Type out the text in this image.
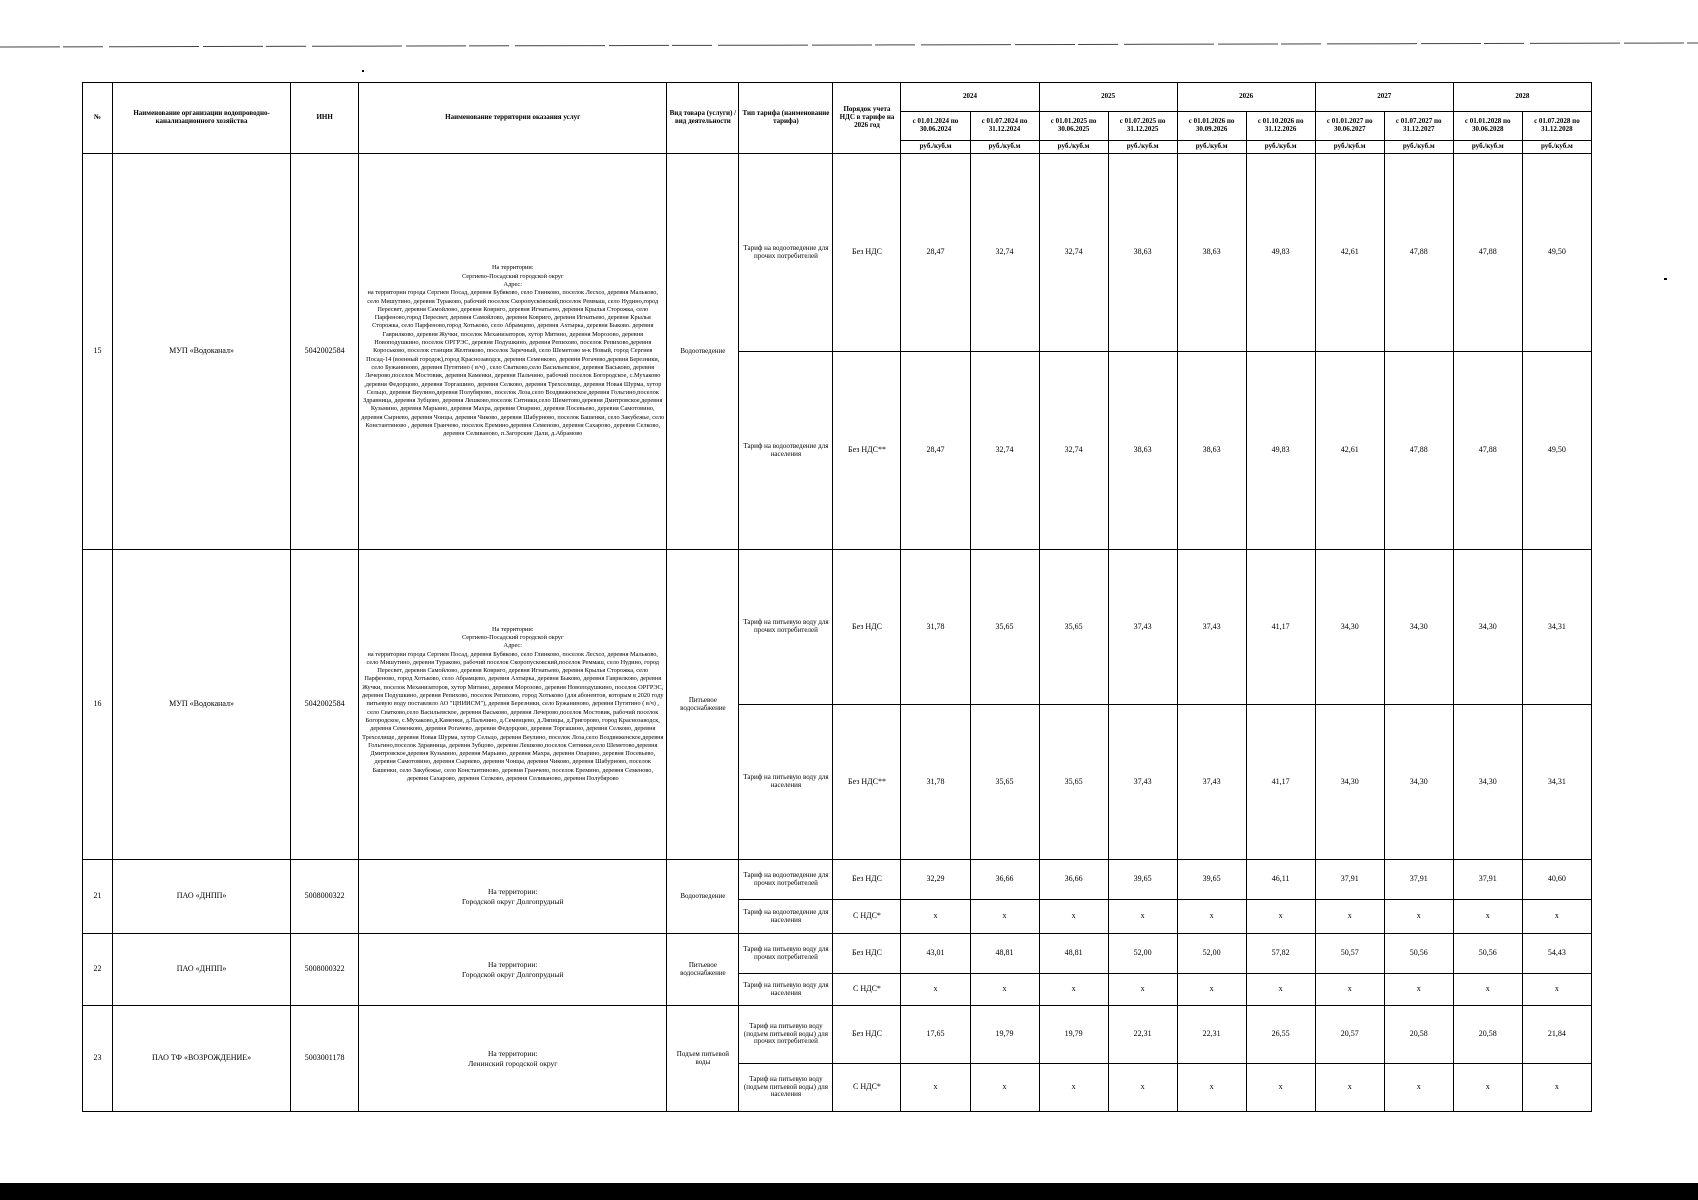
№	Наименование организации водопроводно-канализационного хозяйства	ИНН	Наименование территории оказания услуг	Вид товара (услуги) / вид деятельности	Тип тарифа (наименование тарифа)	Порядок учета НДС в тарифе на 2026 год	2024		2025		2026		2027		2028	
							с 01.01.2024 по 30.06.2024	с 01.07.2024 по 31.12.2024	с 01.01.2025 по 30.06.2025	с 01.07.2025 по 31.12.2025	с 01.01.2026 по 30.09.2026	с 01.10.2026 по 31.12.2026	с 01.01.2027 по 30.06.2027	с 01.07.2027 по 31.12.2027	с 01.01.2028 по 30.06.2028	с 01.07.2028 по 31.12.2028
							руб./куб.м	руб./куб.м	руб./куб.м	руб./куб.м	руб./куб.м	руб./куб.м	руб./куб.м	руб./куб.м	руб./куб.м	руб./куб.м
15	МУП «Водоканал»	5042002584	На территории:
Сергиево-Посадский городской округ
Адрес:
на территории города Сергиев Посад, деревня Бубяково, село Глинково, поселок Лесхоз, деревня Мальково, село Мишутино, деревня Тураково, рабочий поселок Скоропусковский,поселок Реммаш, село Нудино,город Пересвет, деревня Самойлово, деревня Ковриго, деревня Игнатьево, деревня Крылья Сторожка, село Парфеново,город Пересвет, деревня Самойлово, деревня Ковриго, деревня Игнатьево, деревня Крылья Сторожка, село Парфеново,город Хотьково, село Абрамцево, деревня Ахтырка, деревня Быково. деревня Гаврилково, деревня Жучки, поселок Механизаторов, хутор Митино, деревня Морозово, деревня Новоподушкино, поселок ОРГРЭС, деревня Подушкино, деревня Репихово, поселок Репихово,деревня Короськово, поселок станции Желтиково, поселок Заречный, село Шеметово м-к Новый, город Сергиев Посад-14 (военный городок),город Краснозаводск, деревня Семенково, деревня Рогачево,деревня Березники, село Бужаниново, деревня Путятино ( в/ч) , село Сватково,село Васильевское, деревня Васьково, деревня Лечерово,поселок Мостовик, деревня Каменки, деревня Пальчино, рабочий поселок Богородское, с.Мухаково ,деревня Федорцово, деревня Торгашино, деревня Селково, деревня Трехселище, деревня Новая Шурма, хутор Сельцо, деревня Веулино,деревня Полубярово, поселок Лоза,село Воздвиженское,деревня Гольгино,поселок Здравница, деревня Зубцово, деревня Лешково,поселок Ситники,село Шеметово,деревня Дмитровское,деревня Кузьмино, деревня Марьино, деревня Махра, деревня Опарино, деревня Посевьево, деревня Самотовино, деревня Сырнево, деревня Чонцы, деревня Чиково, деревня Шабурново, поселок Башенки, село Закубежье, село Константиново , деревня Гранчево, поселок Еремино,деревня Семеново, деревня Сахарово, деревня Селково, деревня Селиваново, п.Загорские Дали, д.Абрамово	Водоотведение	Тариф на водоотведение для прочих потребителей	Без НДС	28,47	32,74	32,74	38,63	38,63	49,83	42,61	47,88	47,88	49,50
					Тариф на водоотведение для населения	Без НДС**	28,47	32,74	32,74	38,63	38,63	49,83	42,61	47,88	47,88	49,50
16	МУП «Водоканал»	5042002584	На территории:
Сергиево-Посадский городской округ
Адрес:
на территории города Сергиев Посад, деревня Бубяково, село Глинково, поселок Лесхоз, деревня Мальково, село Мишутино, деревня Тураково, рабочий поселок Скоропусковский,поселок Реммаш, село Нудино, город Пересвет, деревня Самойлово, деревня Ковриго, деревня Игнатьево, деревня Крылья Сторожка, село Парфеново, город Хотьково, село Абрамцево, деревня Ахтырка, деревня Быково, деревня Гаврилково, деревня Жучки, поселок Механизаторов, хутор Митино, деревня Морозово, деревня Новоподушкино, поселок ОРГРЭС, деревня Подушкино, деревня Репихово, поселок Репихово, город Хотьково (для абонентов, которым в 2020 году питьевую воду поставляло АО "ЦНИИСМ"), деревня Березники, село Бужаниново, деревня Путятино ( в/ч) , село Сватково,село Васильевское, деревня Васьково, деревня Лечерово,поселок Мостовик, рабочий поселок Богородское, с.Мухаково,д.Каменки, д.Пальчино, д.Семенцево, д.Ляпицы, д.Григорово, город Краснозаводск, деревня Семенково, деревня Рогачево, деревня Федорцово, деревня Торгашино, деревня Селково, деревня Трехселище, деревня Новая Шурма, хутор Сельцо, деревня Веулино, поселок Лоза,село Воздвиженское,деревня Гольгино,поселок Здравница, деревня Зубцово, деревня Лешково,поселок Ситники,село Шеметово,деревня Дмитровское,деревня Кузьмино, деревня Марьино, деревня Махра, деревня Опарино, деревня Посевьево, деревня Самотовино, деревня Сырнево, деревня Чонцы, деревня Чиково, деревня Шабурново, поселок Башенки, село Закубежье, село Константиново, деревня Гранчево, поселок Еремино, деревня Семеново, деревня Сахарово, деревня Селково, деревня Селиваново, деревня Полубярово	Питьевое водоснабжение	Тариф на питьевую воду для прочих потребителей	Без НДС	31,78	35,65	35,65	37,43	37,43	41,17	34,30	34,30	34,30	34,31
					Тариф на питьевую воду для населения	Без НДС**	31,78	35,65	35,65	37,43	37,43	41,17	34,30	34,30	34,30	34,31
21	ПАО «ДНПП»	5008000322	На территории:
Городской округ Долгопрудный	Водоотведение	Тариф на водоотведение для прочих потребителей	Без НДС	32,29	36,66	36,66	39,65	39,65	46,11	37,91	37,91	37,91	40,60
					Тариф на водоотведение для населения	С НДС*	x	x	x	x	x	x	x	x	x	x
22	ПАО «ДНПП»	5008000322	На территории:
Городской округ Долгопрудный	Питьевое водоснабжение	Тариф на питьевую воду для прочих потребителей	Без НДС	43,01	48,81	48,81	52,00	52,00	57,82	50,57	50,56	50,56	54,43
					Тариф на питьевую воду для населения	С НДС*	x	x	x	x	x	x	x	x	x	x
23	ПАО ТФ «ВОЗРОЖДЕНИЕ»	5003001178	На территории:
Ленинский городской округ	Подъем питьевой воды	Тариф на питьевую воду (подъем питьевой воды) для прочих потребителей	Без НДС	17,65	19,79	19,79	22,31	22,31	26,55	20,57	20,58	20,58	21,84
					Тариф на питьевую воду (подъем питьевой воды) для населения	С НДС*	x	x	x	x	x	x	x	x	x	x
